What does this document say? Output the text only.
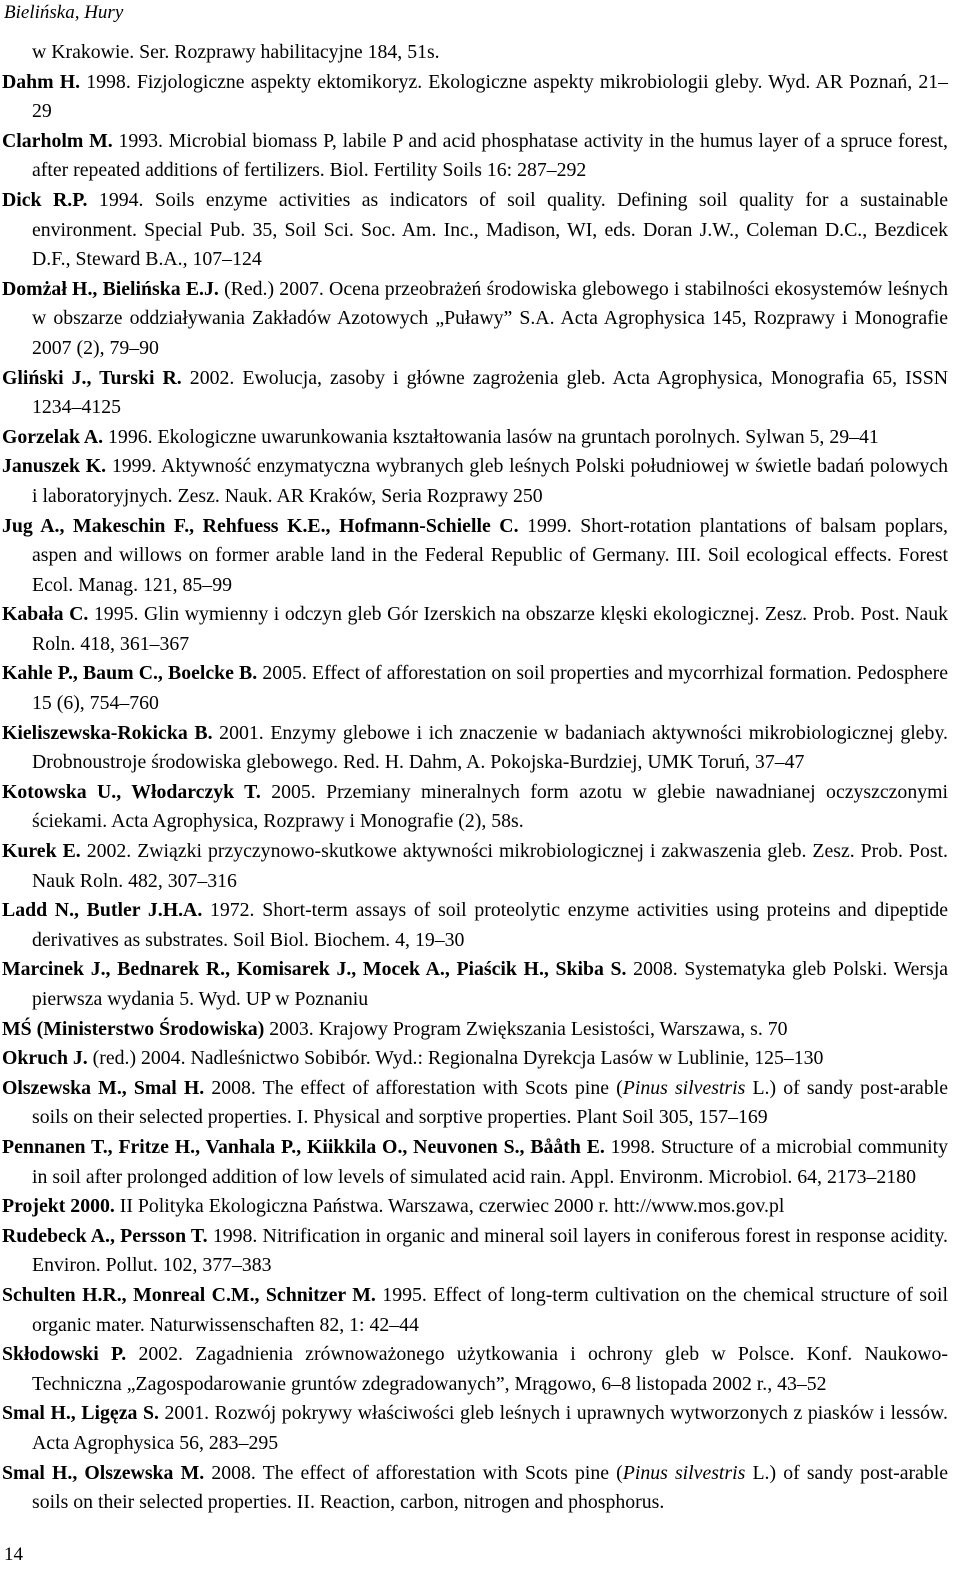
Bielińska, Hury
w Krakowie. Ser. Rozprawy habilitacyjne 184, 51s.
Dahm H. 1998. Fizjologiczne aspekty ektomikoryz. Ekologiczne aspekty mikrobiologii gleby. Wyd. AR Poznań, 21–29
Clarholm M. 1993. Microbial biomass P, labile P and acid phosphatase activity in the humus layer of a spruce forest, after repeated additions of fertilizers. Biol. Fertility Soils 16: 287–292
Dick R.P. 1994. Soils enzyme activities as indicators of soil quality. Defining soil quality for a sustainable environment. Special Pub. 35, Soil Sci. Soc. Am. Inc., Madison, WI, eds. Doran J.W., Coleman D.C., Bezdicek D.F., Steward B.A., 107–124
Domżał H., Bielińska E.J. (Red.) 2007. Ocena przeobrażeń środowiska glebowego i stabilności ekosystemów leśnych w obszarze oddziaływania Zakładów Azotowych „Puławy” S.A. Acta Agrophysica 145, Rozprawy i Monografie 2007 (2), 79–90
Gliński J., Turski R. 2002. Ewolucja, zasoby i główne zagrożenia gleb. Acta Agrophysica, Monografia 65, ISSN 1234–4125
Gorzelak A. 1996. Ekologiczne uwarunkowania kształtowania lasów na gruntach porolnych. Sylwan 5, 29–41
Januszek K. 1999. Aktywność enzymatyczna wybranych gleb leśnych Polski południowej w świetle badań polowych i laboratoryjnych. Zesz. Nauk. AR Kraków, Seria Rozprawy 250
Jug A., Makeschin F., Rehfuess K.E., Hofmann-Schielle C. 1999. Short-rotation plantations of balsam poplars, aspen and willows on former arable land in the Federal Republic of Germany. III. Soil ecological effects. Forest Ecol. Manag. 121, 85–99
Kabała C. 1995. Glin wymienny i odczyn gleb Gór Izerskich na obszarze klęski ekologicznej. Zesz. Prob. Post. Nauk Roln. 418, 361–367
Kahle P., Baum C., Boelcke B. 2005. Effect of afforestation on soil properties and mycorrhizal formation. Pedosphere 15 (6), 754–760
Kieliszewska-Rokicka B. 2001. Enzymy glebowe i ich znaczenie w badaniach aktywności mikrobiologicznej gleby. Drobnoustroje środowiska glebowego. Red. H. Dahm, A. Pokojska-Burdziej, UMK Toruń, 37–47
Kotowska U., Włodarczyk T. 2005. Przemiany mineralnych form azotu w glebie nawadnianej oczyszczonymi ściekami. Acta Agrophysica, Rozprawy i Monografie (2), 58s.
Kurek E. 2002. Związki przyczynowo-skutkowe aktywności mikrobiologicznej i zakwaszenia gleb. Zesz. Prob. Post. Nauk Roln. 482, 307–316
Ladd N., Butler J.H.A. 1972. Short-term assays of soil proteolytic enzyme activities using proteins and dipeptide derivatives as substrates. Soil Biol. Biochem. 4, 19–30
Marcinek J., Bednarek R., Komisarek J., Mocek A., Piaścik H., Skiba S. 2008. Systematyka gleb Polski. Wersja pierwsza wydania 5. Wyd. UP w Poznaniu
MŚ (Ministerstwo Środowiska) 2003. Krajowy Program Zwiększania Lesistości, Warszawa, s. 70
Okruch J. (red.) 2004. Nadleśnictwo Sobibór. Wyd.: Regionalna Dyrekcja Lasów w Lublinie, 125–130
Olszewska M., Smal H. 2008. The effect of afforestation with Scots pine (Pinus silvestris L.) of sandy post-arable soils on their selected properties. I. Physical and sorptive properties. Plant Soil 305, 157–169
Pennanen T., Fritze H., Vanhala P., Kiikkila O., Neuvonen S., Bååth E. 1998. Structure of a microbial community in soil after prolonged addition of low levels of simulated acid rain. Appl. Environm. Microbiol. 64, 2173–2180
Projekt 2000. II Polityka Ekologiczna Państwa. Warszawa, czerwiec 2000 r. htt://www.mos.gov.pl
Rudebeck A., Persson T. 1998. Nitrification in organic and mineral soil layers in coniferous forest in response acidity. Environ. Pollut. 102, 377–383
Schulten H.R., Monreal C.M., Schnitzer M. 1995. Effect of long-term cultivation on the chemical structure of soil organic mater. Naturwissenschaften 82, 1: 42–44
Skłodowski P. 2002. Zagadnienia zrównoważonego użytkowania i ochrony gleb w Polsce. Konf. Naukowo-Techniczna „Zagospodarowanie gruntów zdegradowanych”, Mrągowo, 6–8 listopada 2002 r., 43–52
Smal H., Ligęza S. 2001. Rozwój pokrywy właściwości gleb leśnych i uprawnych wytworzonych z piasków i lessów. Acta Agrophysica 56, 283–295
Smal H., Olszewska M. 2008. The effect of afforestation with Scots pine (Pinus silvestris L.) of sandy post-arable soils on their selected properties. II. Reaction, carbon, nitrogen and phosphorus.
14
